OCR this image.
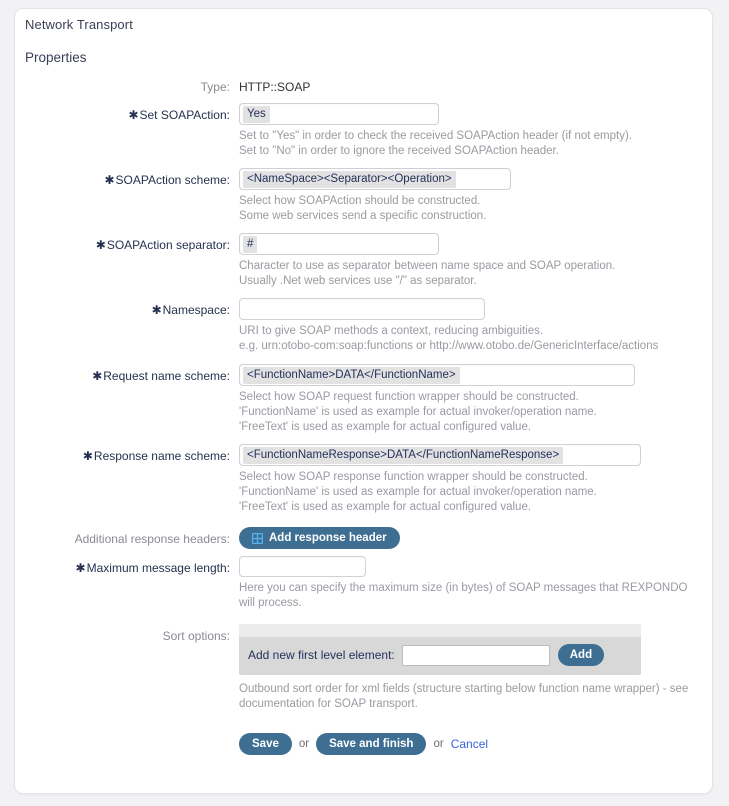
Network Transport
Properties
Type: HTTP::SOAP
✱Set SOAPAction:	Yes
Set to "Yes" in order to check the received SOAPAction header (if not empty).
Set to "No" in order to ignore the received SOAPAction header.
✱SOAPAction scheme:	<NameSpace><Separator><Operation>
Select how SOAPAction should be constructed.
Some web services send a specific construction.
✱SOAPAction separator:	#
Character to use as separator between name space and SOAP operation.
Usually .Net web services use "/" as separator.
✱Namespace:
URI to give SOAP methods a context, reducing ambiguities.
e.g. urn:otobo-com:soap:functions or http://www.otobo.de/GenericInterface/actions
✱Request name scheme:	<FunctionName>DATA</FunctionName>
Select how SOAP request function wrapper should be constructed.
'FunctionName' is used as example for actual invoker/operation name.
'FreeText' is used as example for actual configured value.
✱Response name scheme:	<FunctionNameResponse>DATA</FunctionNameResponse>
Select how SOAP response function wrapper should be constructed.
'FunctionName' is used as example for actual invoker/operation name.
'FreeText' is used as example for actual configured value.
Additional response headers:	Add response header
✱Maximum message length:
Here you can specify the maximum size (in bytes) of SOAP messages that REXPONDO
will process.
Sort options:
Add new first level element:	Add
Outbound sort order for xml fields (structure starting below function name wrapper) - see
documentation for SOAP transport.
Save or Save and finish or Cancel
